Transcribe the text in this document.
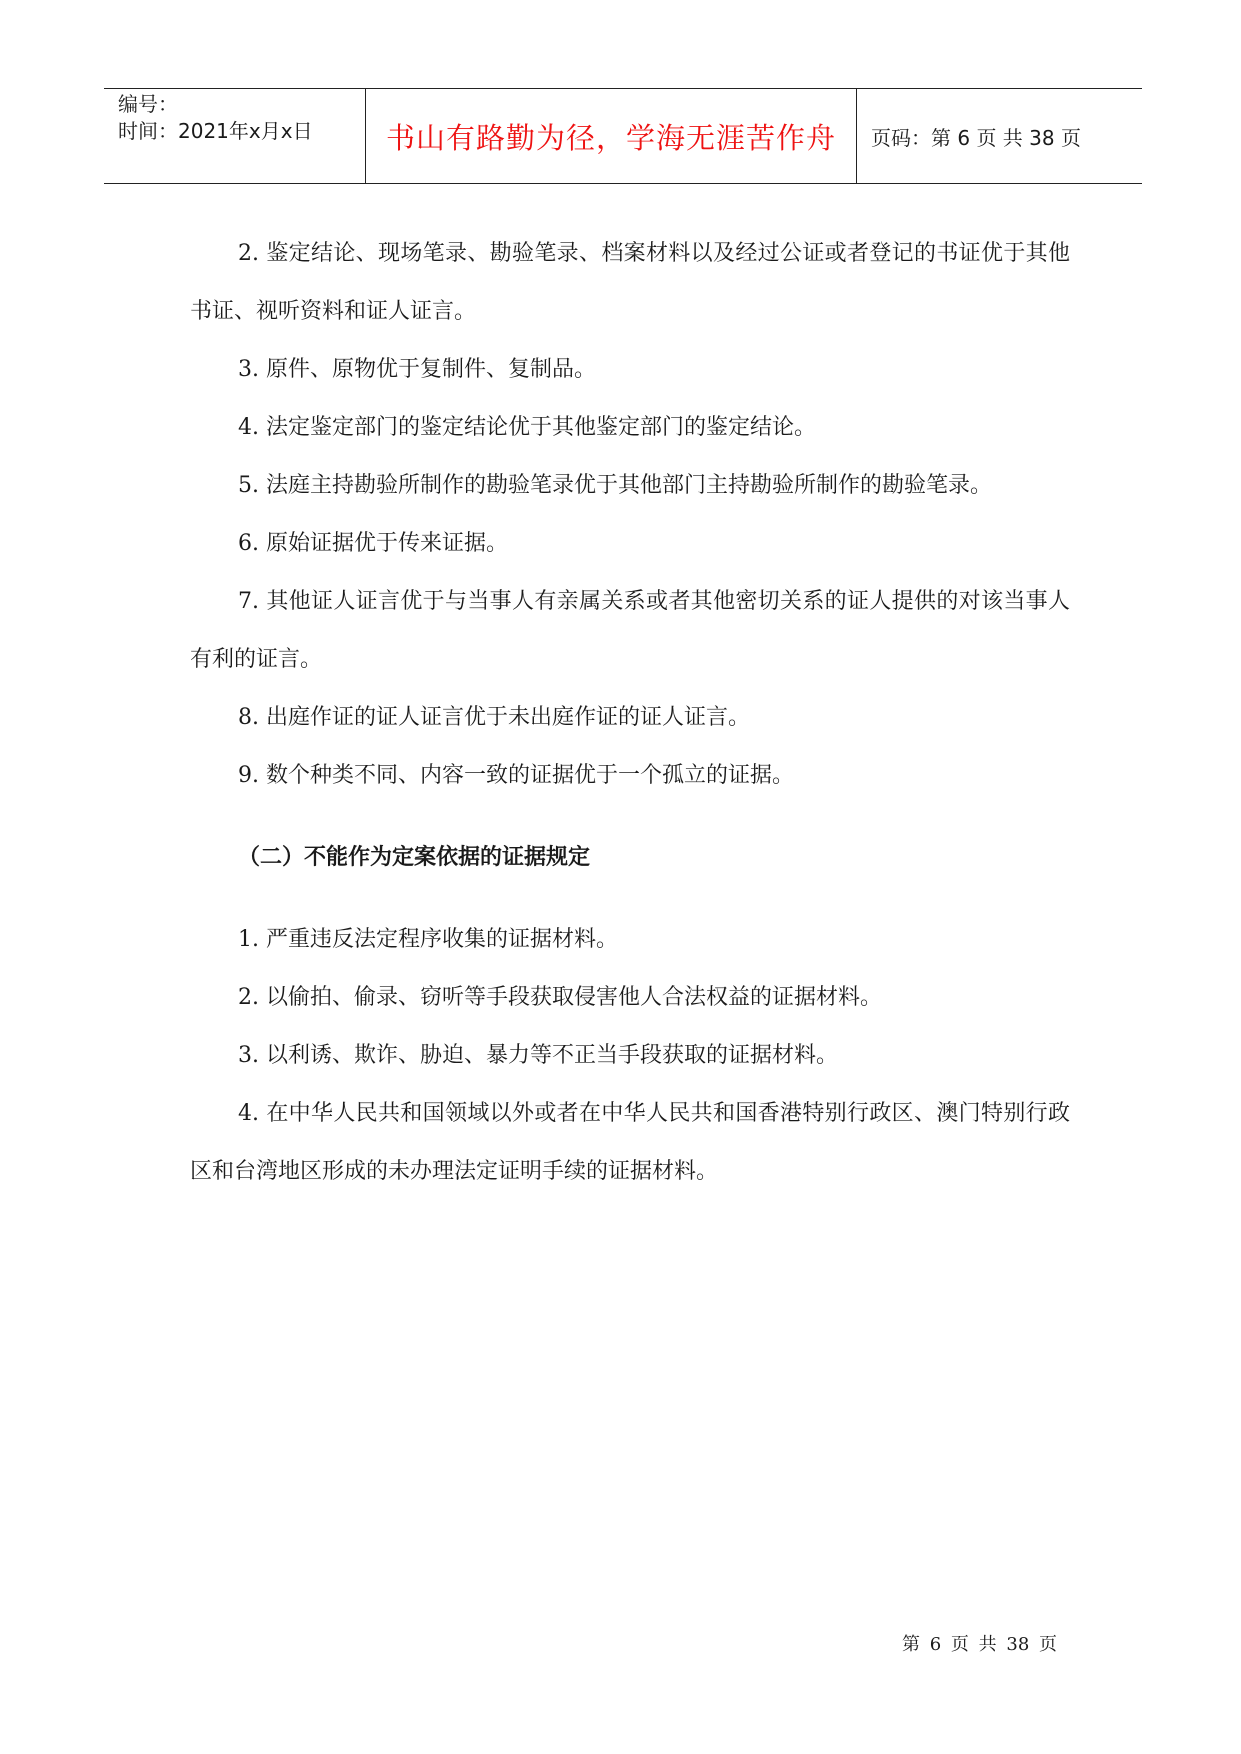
编号：
时间：2021年x月x日	书山有路勤为径，学海无涯苦作舟	页码：第 6 页 共 38 页

2. 鉴定结论、现场笔录、勘验笔录、档案材料以及经过公证或者登记的书证优于其他书证、视听资料和证人证言。

3. 原件、原物优于复制件、复制品。

4. 法定鉴定部门的鉴定结论优于其他鉴定部门的鉴定结论。

5. 法庭主持勘验所制作的勘验笔录优于其他部门主持勘验所制作的勘验笔录。

6. 原始证据优于传来证据。

7. 其他证人证言优于与当事人有亲属关系或者其他密切关系的证人提供的对该当事人有利的证言。

8. 出庭作证的证人证言优于未出庭作证的证人证言。

9. 数个种类不同、内容一致的证据优于一个孤立的证据。

（二）不能作为定案依据的证据规定

1. 严重违反法定程序收集的证据材料。

2. 以偷拍、偷录、窃听等手段获取侵害他人合法权益的证据材料。

3. 以利诱、欺诈、胁迫、暴力等不正当手段获取的证据材料。

4. 在中华人民共和国领域以外或者在中华人民共和国香港特别行政区、澳门特别行政区和台湾地区形成的未办理法定证明手续的证据材料。

第 6 页 共 38 页
